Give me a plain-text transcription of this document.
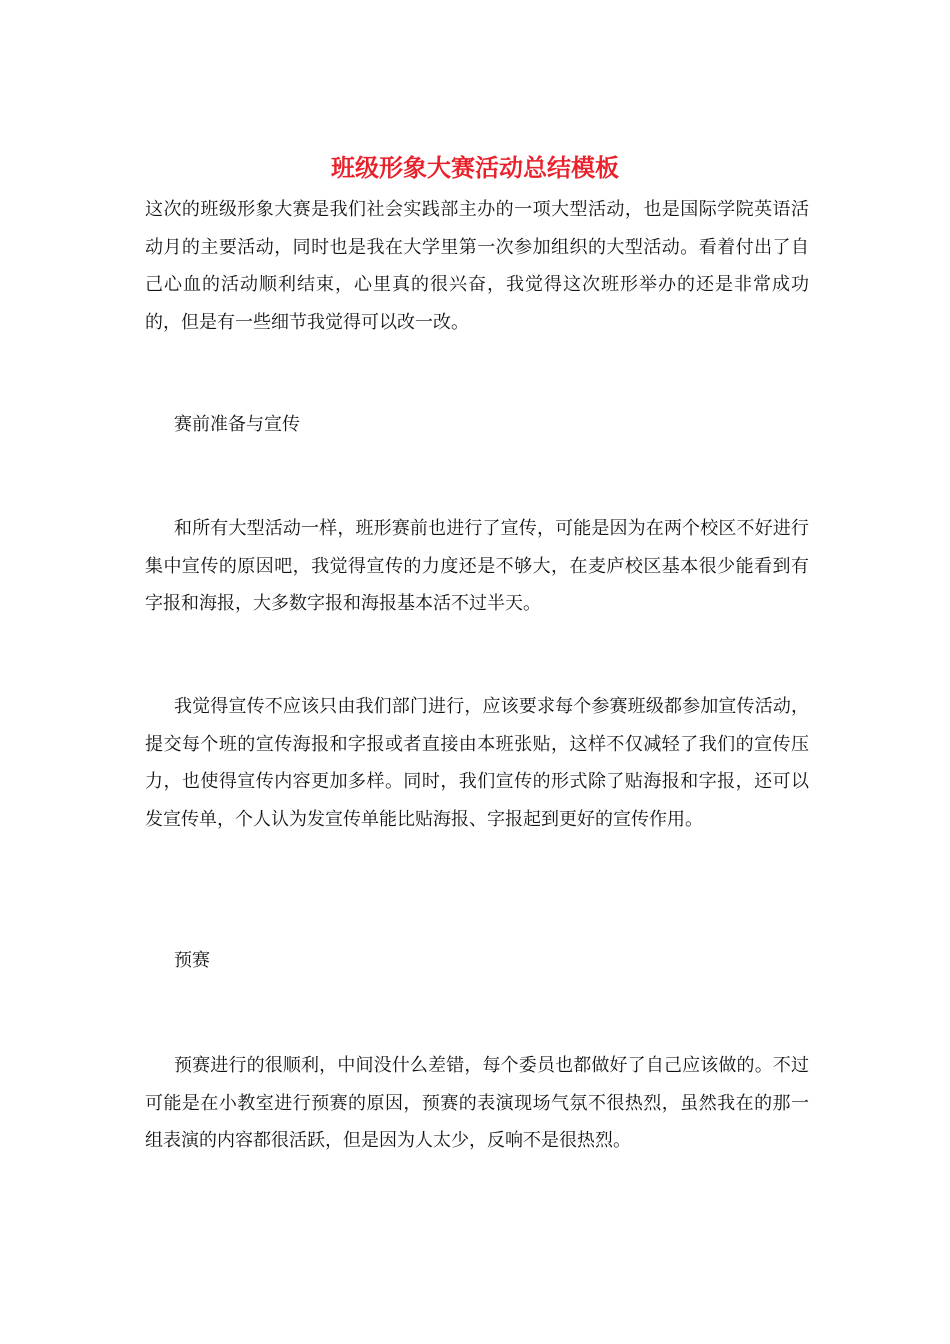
班级形象大赛活动总结模板

这次的班级形象大赛是我们社会实践部主办的一项大型活动，也是国际学院英语活动月的主要活动，同时也是我在大学里第一次参加组织的大型活动。看着付出了自己心血的活动顺利结束，心里真的很兴奋，我觉得这次班形举办的还是非常成功的，但是有一些细节我觉得可以改一改。

赛前准备与宣传

和所有大型活动一样，班形赛前也进行了宣传，可能是因为在两个校区不好进行集中宣传的原因吧，我觉得宣传的力度还是不够大，在麦庐校区基本很少能看到有字报和海报，大多数字报和海报基本活不过半天。

我觉得宣传不应该只由我们部门进行，应该要求每个参赛班级都参加宣传活动，提交每个班的宣传海报和字报或者直接由本班张贴，这样不仅减轻了我们的宣传压力，也使得宣传内容更加多样。同时，我们宣传的形式除了贴海报和字报，还可以发宣传单，个人认为发宣传单能比贴海报、字报起到更好的宣传作用。

预赛

预赛进行的很顺利，中间没什么差错，每个委员也都做好了自己应该做的。不过可能是在小教室进行预赛的原因，预赛的表演现场气氛不很热烈，虽然我在的那一组表演的内容都很活跃，但是因为人太少，反响不是很热烈。
